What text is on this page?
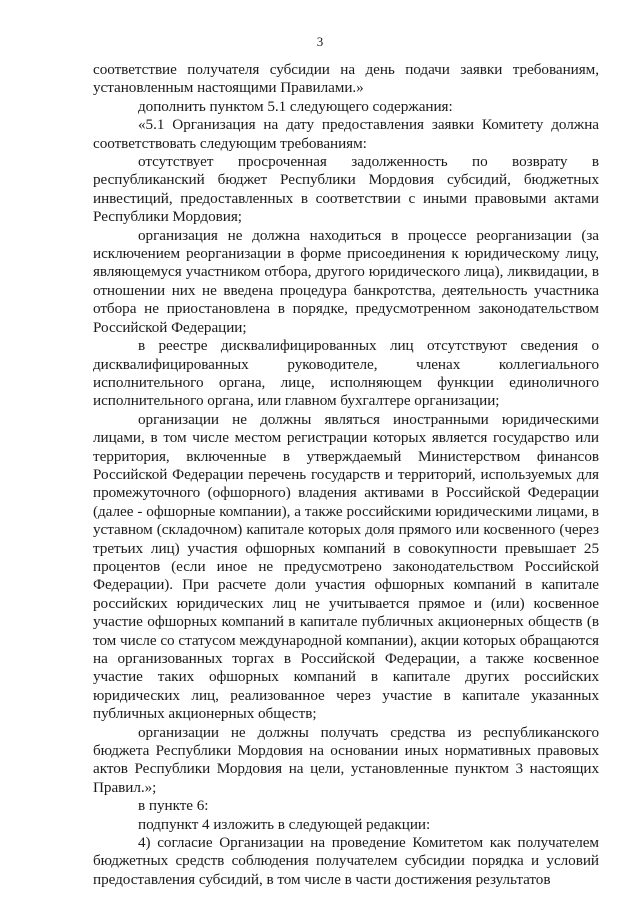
3

соответствие получателя субсидии на день подачи заявки требованиям, установленным настоящими Правилами.»

дополнить пунктом 5.1 следующего содержания:

«5.1 Организация на дату предоставления заявки Комитету должна соответствовать следующим требованиям:

отсутствует просроченная задолженность по возврату в республиканский бюджет Республики Мордовия субсидий, бюджетных инвестиций, предоставленных в соответствии с иными правовыми актами Республики Мордовия;

организация не должна находиться в процессе реорганизации (за исключением реорганизации в форме присоединения к юридическому лицу, являющемуся участником отбора, другого юридического лица), ликвидации, в отношении них не введена процедура банкротства, деятельность участника отбора не приостановлена в порядке, предусмотренном законодательством Российской Федерации;

в реестре дисквалифицированных лиц отсутствуют сведения о дисквалифицированных руководителе, членах коллегиального исполнительного органа, лице, исполняющем функции единоличного исполнительного органа, или главном бухгалтере организации;

организации не должны являться иностранными юридическими лицами, в том числе местом регистрации которых является государство или территория, включенные в утверждаемый Министерством финансов Российской Федерации перечень государств и территорий, используемых для промежуточного (офшорного) владения активами в Российской Федерации (далее - офшорные компании), а также российскими юридическими лицами, в уставном (складочном) капитале которых доля прямого или косвенного (через третьих лиц) участия офшорных компаний в совокупности превышает 25 процентов (если иное не предусмотрено законодательством Российской Федерации). При расчете доли участия офшорных компаний в капитале российских юридических лиц не учитывается прямое и (или) косвенное участие офшорных компаний в капитале публичных акционерных обществ (в том числе со статусом международной компании), акции которых обращаются на организованных торгах в Российской Федерации, а также косвенное участие таких офшорных компаний в капитале других российских юридических лиц, реализованное через участие в капитале указанных публичных акционерных обществ;

организации не должны получать средства из республиканского бюджета Республики Мордовия на основании иных нормативных правовых актов Республики Мордовия на цели, установленные пунктом 3 настоящих Правил.»;

в пункте 6:

подпункт 4 изложить в следующей редакции:

4) согласие Организации на проведение Комитетом как получателем бюджетных средств соблюдения получателем субсидии порядка и условий предоставления субсидий, в том числе в части достижения результатов
